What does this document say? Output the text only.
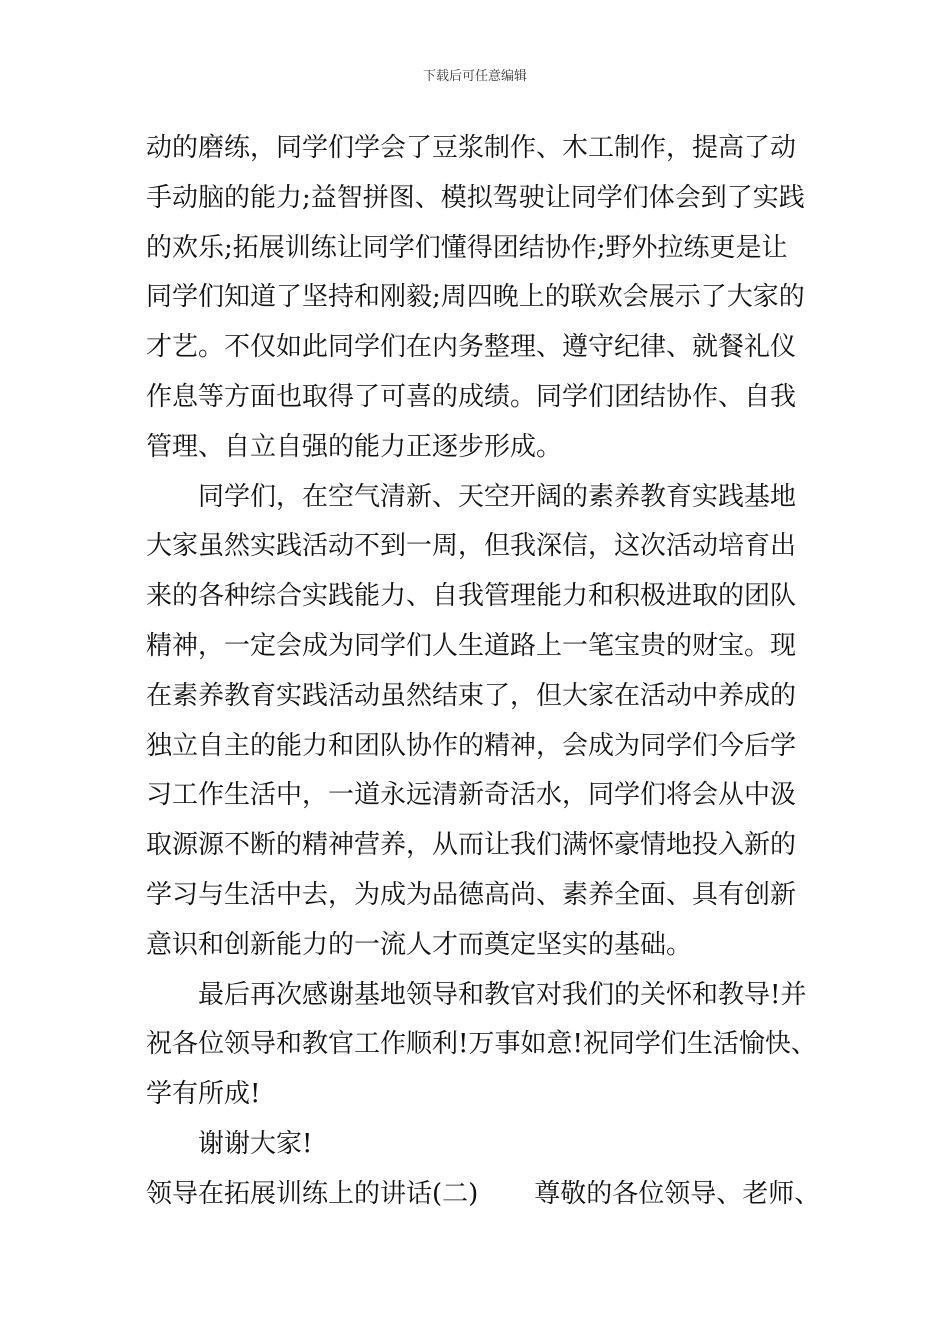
下载后可任意编辑
动的磨练，同学们学会了豆浆制作、木工制作，提高了动
手动脑的能力;益智拼图、模拟驾驶让同学们体会到了实践
的欢乐;拓展训练让同学们懂得团结协作;野外拉练更是让
同学们知道了坚持和刚毅;周四晚上的联欢会展示了大家的
才艺。不仅如此同学们在内务整理、遵守纪律、就餐礼仪
作息等方面也取得了可喜的成绩。同学们团结协作、自我
管理、自立自强的能力正逐步形成。
同学们，在空气清新、天空开阔的素养教育实践基地
大家虽然实践活动不到一周，但我深信，这次活动培育出
来的各种综合实践能力、自我管理能力和积极进取的团队
精神，一定会成为同学们人生道路上一笔宝贵的财宝。现
在素养教育实践活动虽然结束了，但大家在活动中养成的
独立自主的能力和团队协作的精神，会成为同学们今后学
习工作生活中，一道永远清新奇活水，同学们将会从中汲
取源源不断的精神营养，从而让我们满怀豪情地投入新的
学习与生活中去，为成为品德高尚、素养全面、具有创新
意识和创新能力的一流人才而奠定坚实的基础。
最后再次感谢基地领导和教官对我们的关怀和教导!并
祝各位领导和教官工作顺利!万事如意!祝同学们生活愉快、
学有所成!
谢谢大家!
领导在拓展训练上的讲话(二) 尊敬的各位领导、老师、
